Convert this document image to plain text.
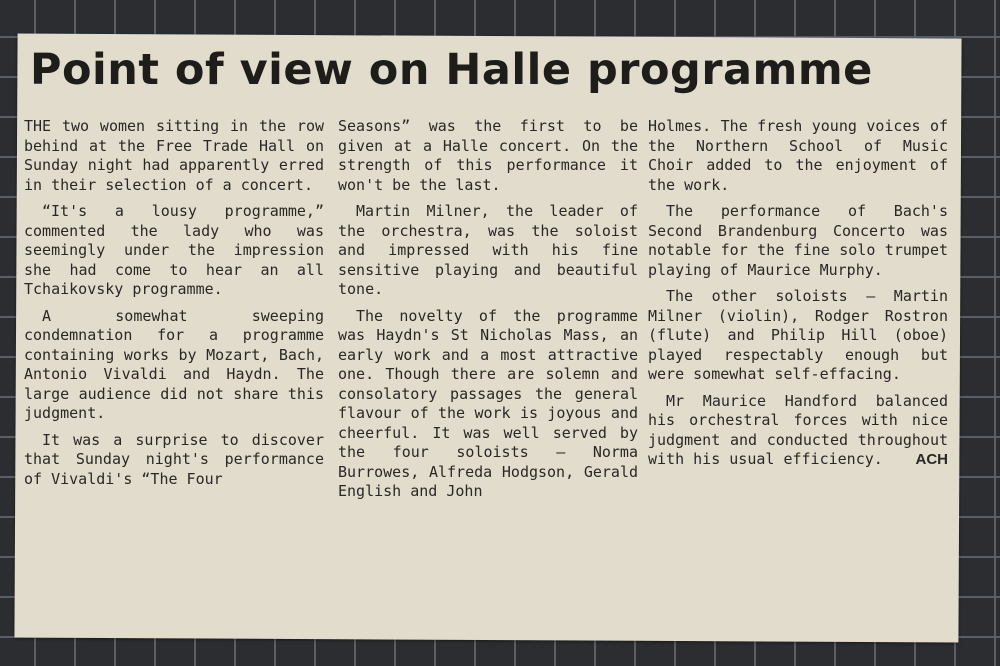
Point of view on Halle programme

THE two women sitting in the row behind at the Free Trade Hall on Sunday night had apparently erred in their selection of a concert.

“It's a lousy programme,” commented the lady who was seemingly under the impression she had come to hear an all Tchaikovsky programme.

A somewhat sweeping condemnation for a programme containing works by Mozart, Bach, Antonio Vivaldi and Haydn. The large audience did not share this judgment.

It was a surprise to discover that Sunday night's performance of Vivaldi's “The Four

Seasons” was the first to be given at a Halle concert. On the strength of this performance it won't be the last.

Martin Milner, the leader of the orchestra, was the soloist and impressed with his fine sensitive playing and beautiful tone.

The novelty of the programme was Haydn's St Nicholas Mass, an early work and a most attractive one. Though there are solemn and consolatory passages the general flavour of the work is joyous and cheerful. It was well served by the four soloists — Norma Burrowes, Alfreda Hodgson, Gerald English and John

Holmes. The fresh young voices of the Northern School of Music Choir added to the enjoyment of the work.

The performance of Bach's Second Brandenburg Concerto was notable for the fine solo trumpet playing of Maurice Murphy.

The other soloists — Martin Milner (violin), Rodger Rostron (flute) and Philip Hill (oboe) played respectably enough but were somewhat self-effacing.

Mr Maurice Handford balanced his orchestral forces with nice judgment and conducted throughout with his usual efficiency.	ACH
